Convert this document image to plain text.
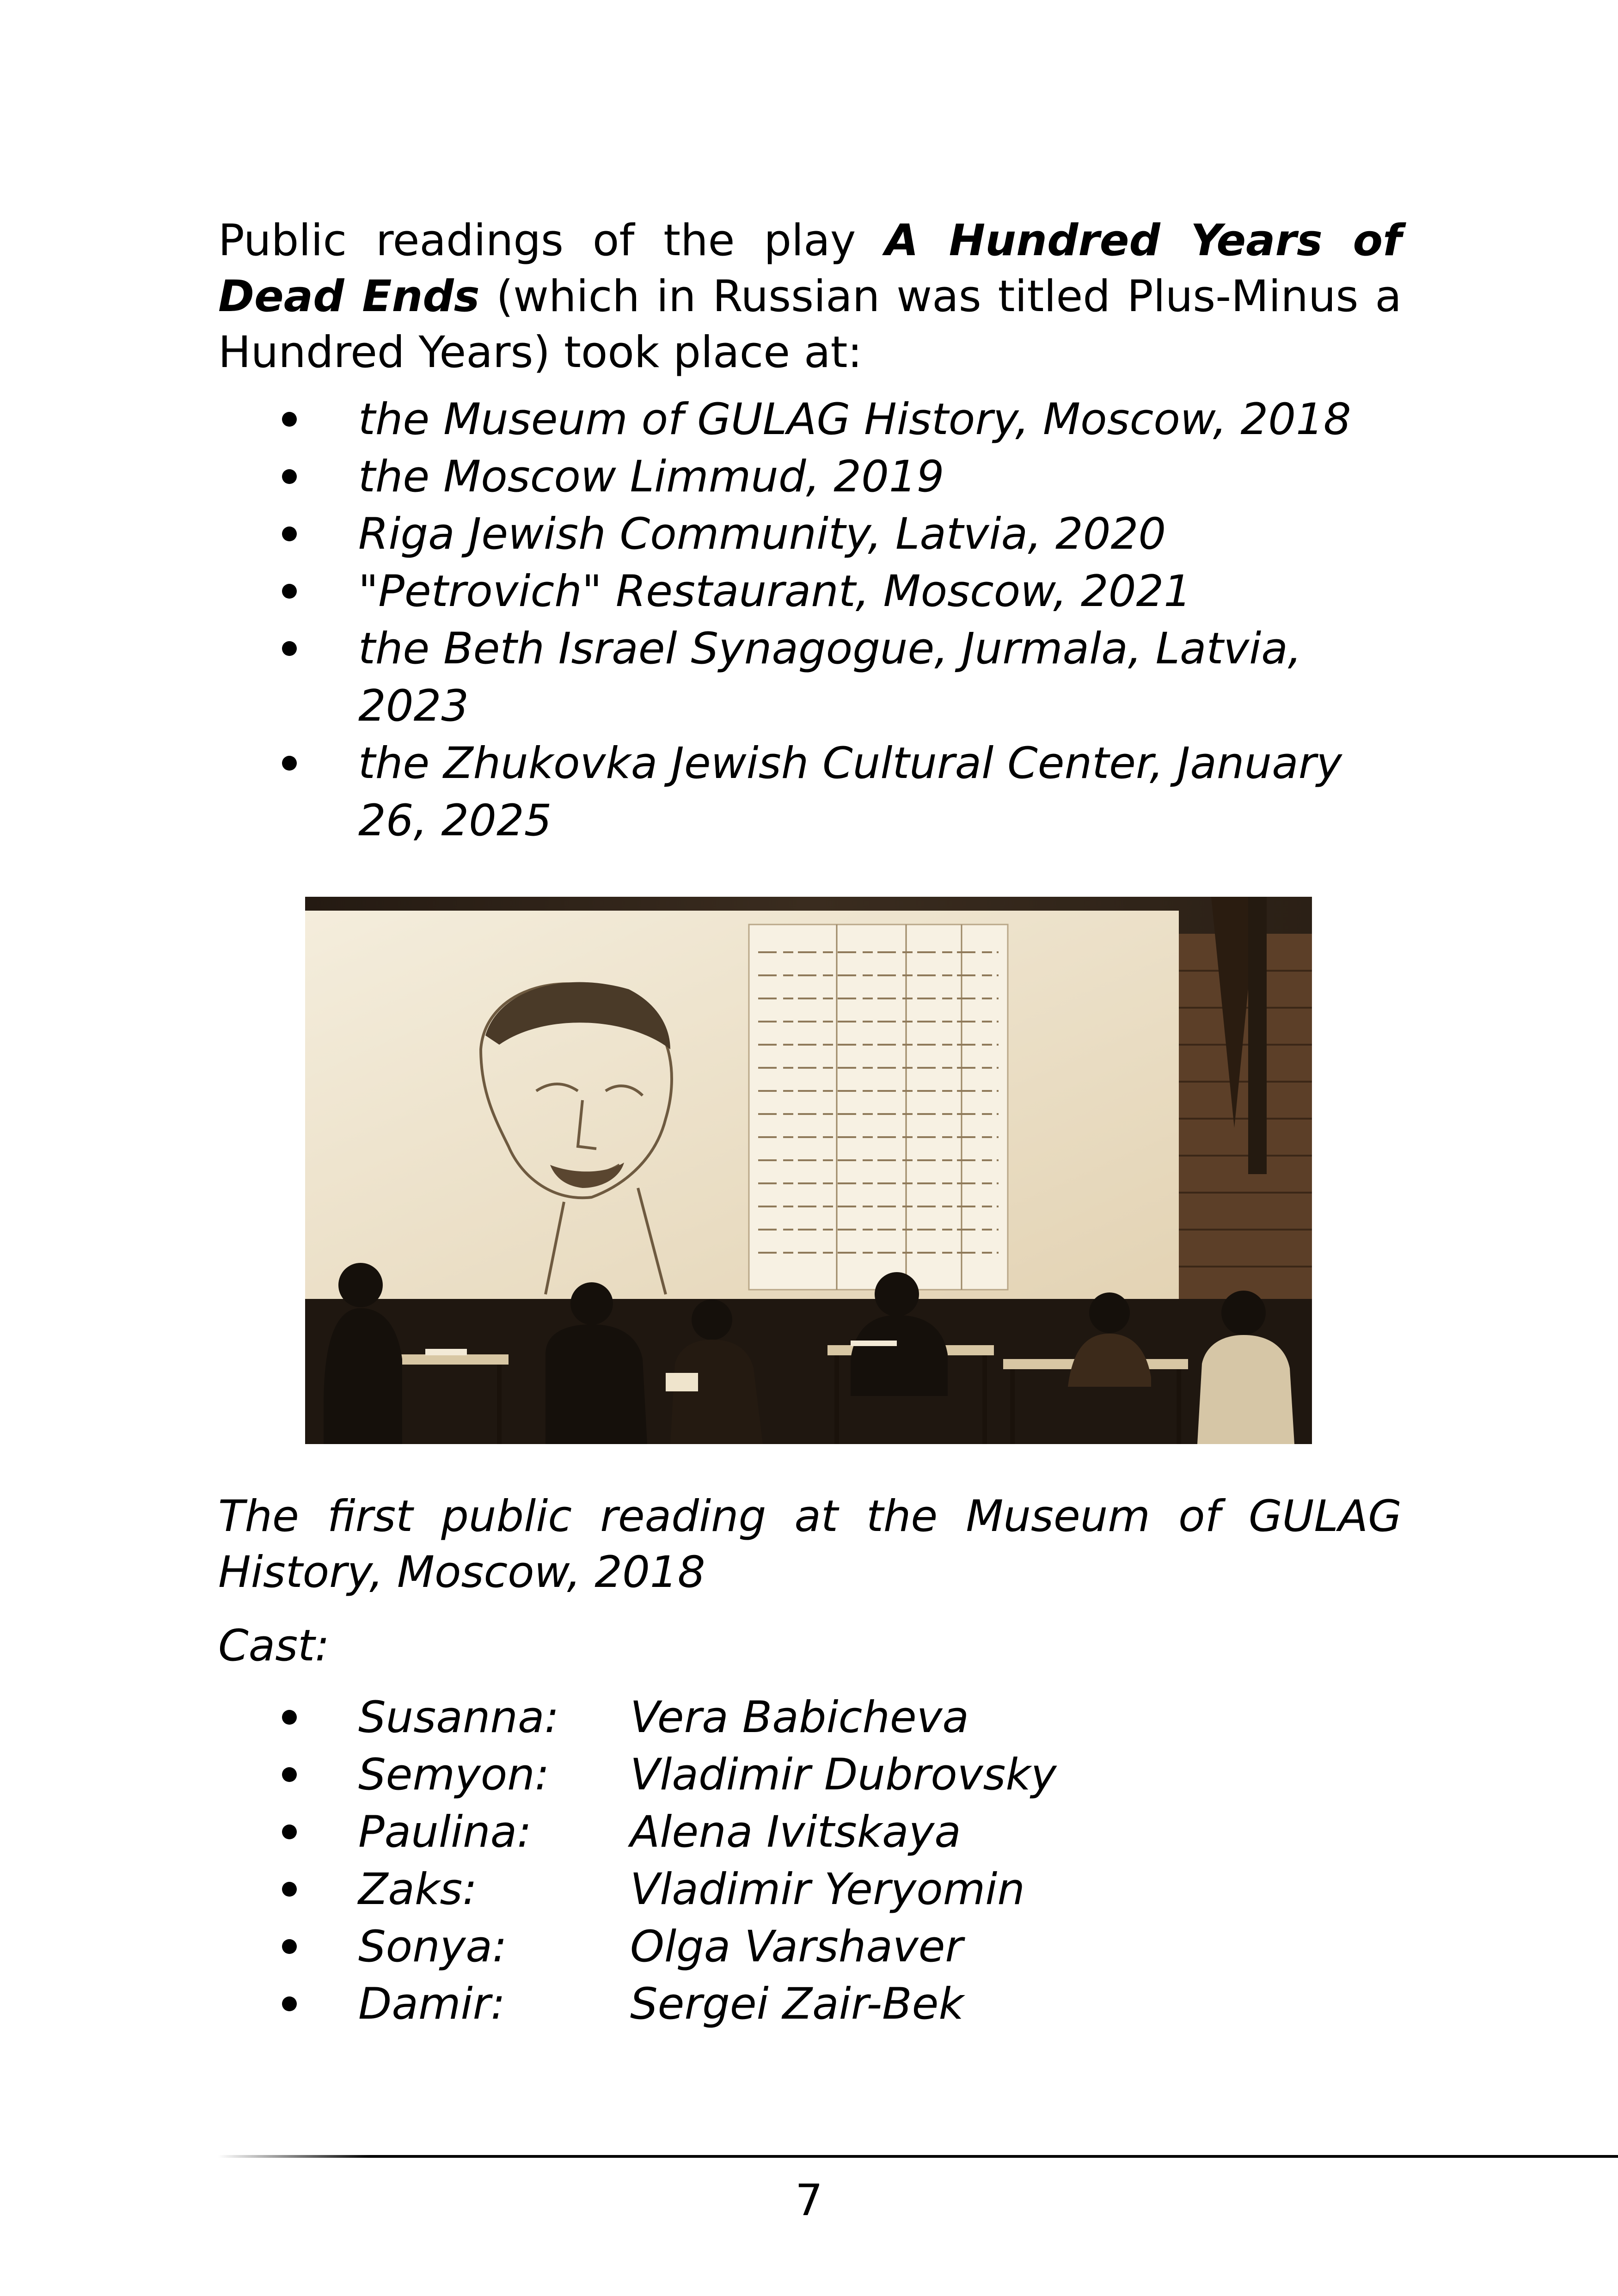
Public readings of the play A Hundred Years of Dead Ends (which in Russian was titled Plus-Minus a Hundred Years) took place at:

the Museum of GULAG History, Moscow, 2018
the Moscow Limmud, 2019
Riga Jewish Community, Latvia, 2020
"Petrovich" Restaurant, Moscow, 2021
the Beth Israel Synagogue, Jurmala, Latvia, 2023
the Zhukovka Jewish Cultural Center, January 26, 2025

The first public reading at the Museum of GULAG History, Moscow, 2018

Cast:

Susanna: Vera Babicheva
Semyon: Vladimir Dubrovsky
Paulina: Alena Ivitskaya
Zaks:	Vladimir Yeryomin
Sonya:	Olga Varshaver
Damir:	Sergei Zair-Bek
7
